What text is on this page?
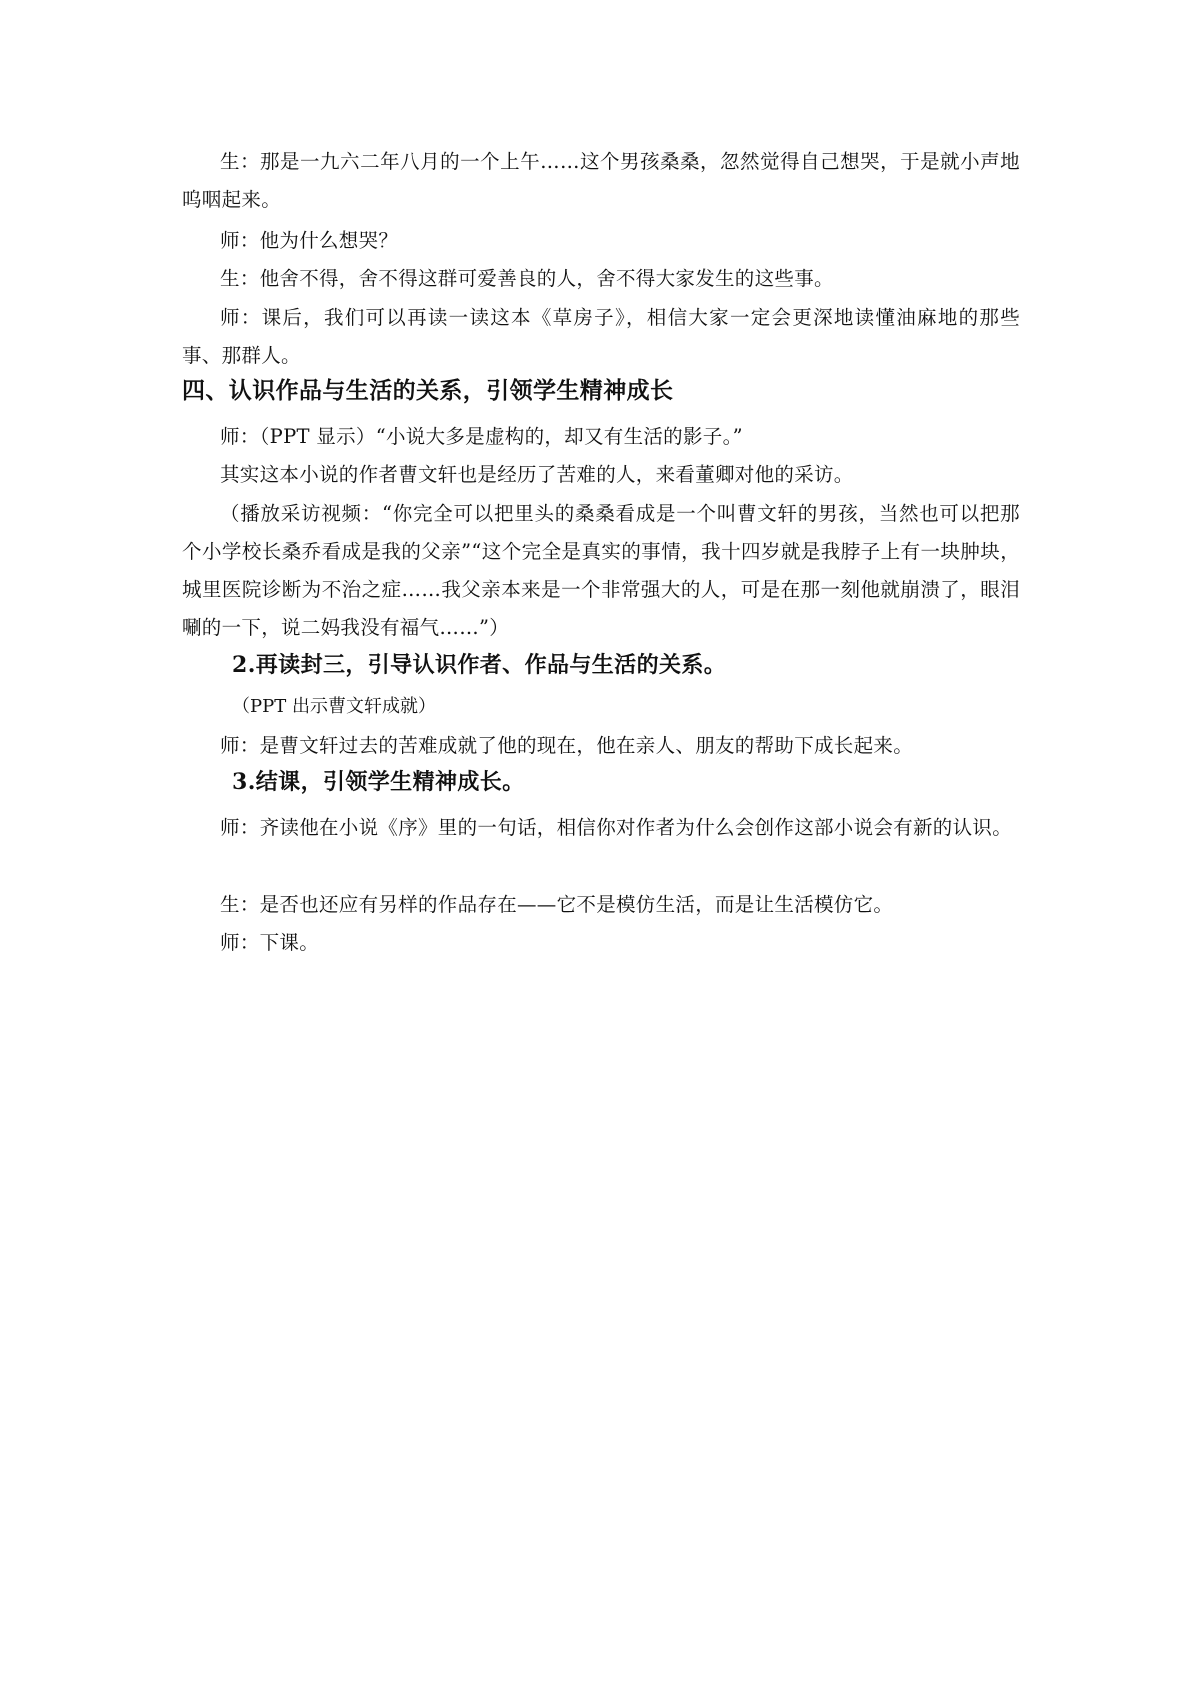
生：那是一九六二年八月的一个上午……这个男孩桑桑，忽然觉得自己想哭，于是就小声地呜咽起来。

师：他为什么想哭？

生：他舍不得，舍不得这群可爱善良的人，舍不得大家发生的这些事。

师：课后，我们可以再读一读这本《草房子》，相信大家一定会更深地读懂油麻地的那些事、那群人。

四、认识作品与生活的关系，引领学生精神成长

师：（PPT 显示）“小说大多是虚构的，却又有生活的影子。”

其实这本小说的作者曹文轩也是经历了苦难的人，来看董卿对他的采访。

（播放采访视频：“你完全可以把里头的桑桑看成是一个叫曹文轩的男孩，当然也可以把那个小学校长桑乔看成是我的父亲”“这个完全是真实的事情，我十四岁就是我脖子上有一块肿块，城里医院诊断为不治之症……我父亲本来是一个非常强大的人，可是在那一刻他就崩溃了，眼泪唰的一下，说二妈我没有福气……”）

2.再读封三，引导认识作者、作品与生活的关系。

（PPT 出示曹文轩成就）

师：是曹文轩过去的苦难成就了他的现在，他在亲人、朋友的帮助下成长起来。

3.结课，引领学生精神成长。

师：齐读他在小说《序》里的一句话，相信你对作者为什么会创作这部小说会有新的认识。

生：是否也还应有另样的作品存在——它不是模仿生活，而是让生活模仿它。

师：下课。
